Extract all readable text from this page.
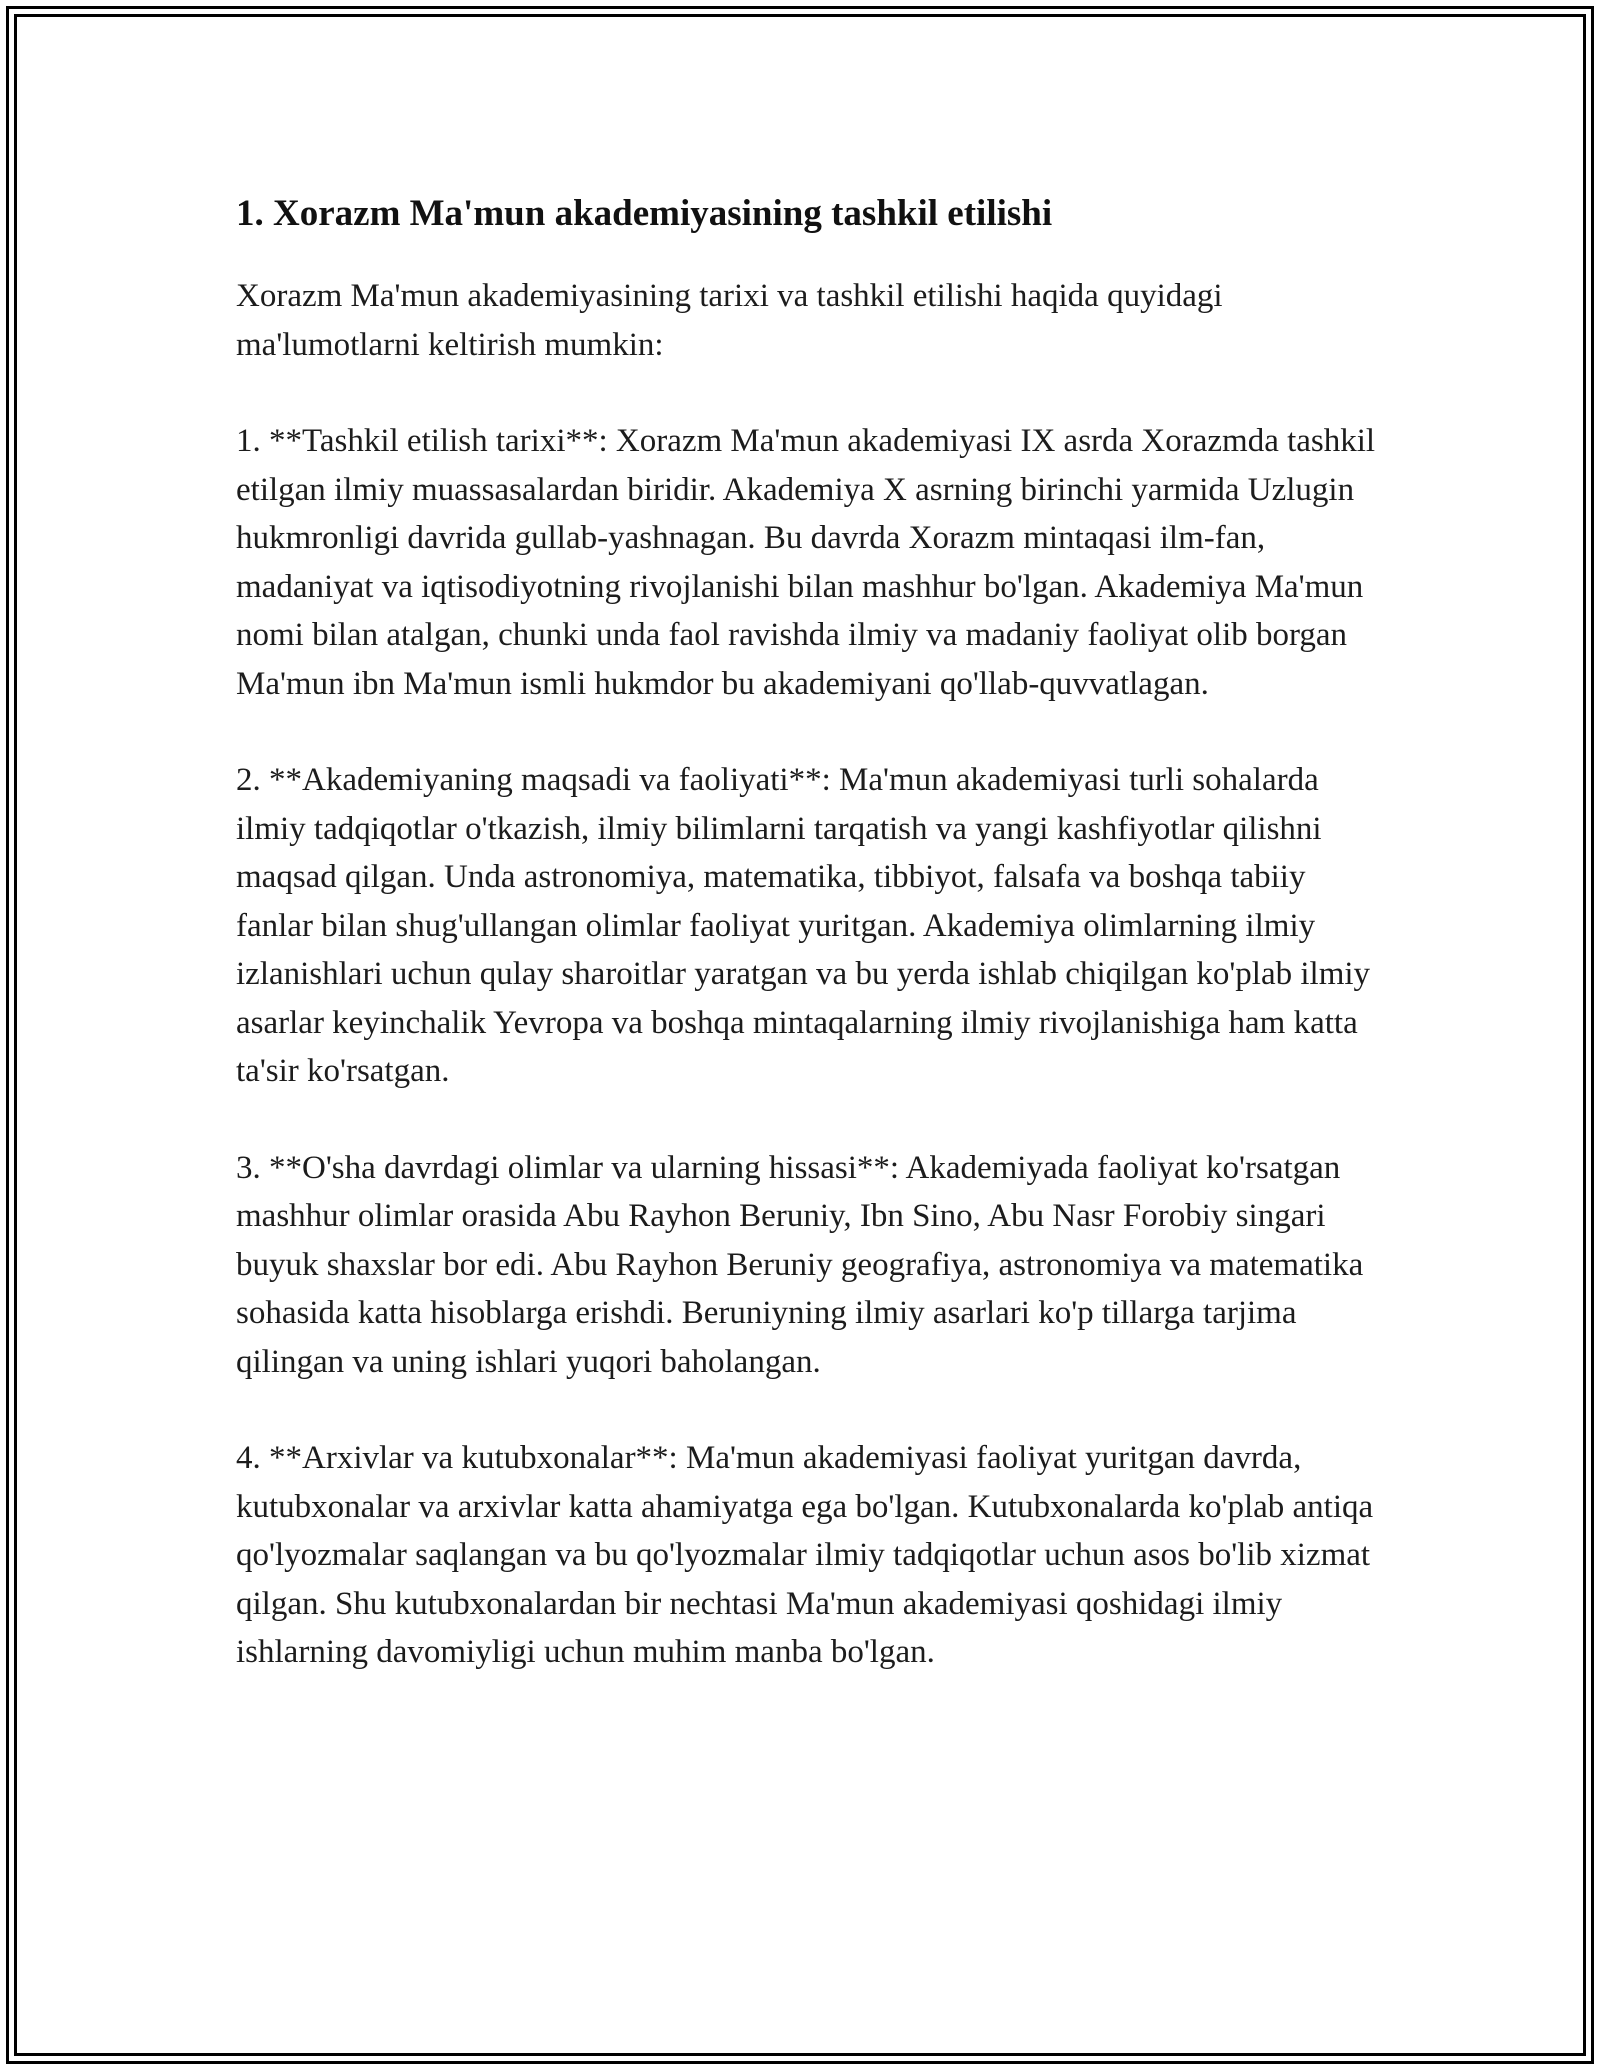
1. Xorazm Ma'mun akademiyasining tashkil etilishi

Xorazm Ma'mun akademiyasining tarixi va tashkil etilishi haqida quyidagi ma'lumotlarni keltirish mumkin:

1. **Tashkil etilish tarixi**: Xorazm Ma'mun akademiyasi IX asrda Xorazmda tashkil etilgan ilmiy muassasalardan biridir. Akademiya X asrning birinchi yarmida Uzlugin hukmronligi davrida gullab-yashnagan. Bu davrda Xorazm mintaqasi ilm-fan, madaniyat va iqtisodiyotning rivojlanishi bilan mashhur bo'lgan. Akademiya Ma'mun nomi bilan atalgan, chunki unda faol ravishda ilmiy va madaniy faoliyat olib borgan Ma'mun ibn Ma'mun ismli hukmdor bu akademiyani qo'llab-quvvatlagan.

2. **Akademiyaning maqsadi va faoliyati**: Ma'mun akademiyasi turli sohalarda ilmiy tadqiqotlar o'tkazish, ilmiy bilimlarni tarqatish va yangi kashfiyotlar qilishni maqsad qilgan. Unda astronomiya, matematika, tibbiyot, falsafa va boshqa tabiiy fanlar bilan shug'ullangan olimlar faoliyat yuritgan. Akademiya olimlarning ilmiy izlanishlari uchun qulay sharoitlar yaratgan va bu yerda ishlab chiqilgan ko'plab ilmiy asarlar keyinchalik Yevropa va boshqa mintaqalarning ilmiy rivojlanishiga ham katta ta'sir ko'rsatgan.

3. **O'sha davrdagi olimlar va ularning hissasi**: Akademiyada faoliyat ko'rsatgan mashhur olimlar orasida Abu Rayhon Beruniy, Ibn Sino, Abu Nasr Forobiy singari buyuk shaxslar bor edi. Abu Rayhon Beruniy geografiya, astronomiya va matematika sohasida katta hisoblarga erishdi. Beruniyning ilmiy asarlari ko'p tillarga tarjima qilingan va uning ishlari yuqori baholangan.

4. **Arxivlar va kutubxonalar**: Ma'mun akademiyasi faoliyat yuritgan davrda, kutubxonalar va arxivlar katta ahamiyatga ega bo'lgan. Kutubxonalarda ko'plab antiqa qo'lyozmalar saqlangan va bu qo'lyozmalar ilmiy tadqiqotlar uchun asos bo'lib xizmat qilgan. Shu kutubxonalardan bir nechtasi Ma'mun akademiyasi qoshidagi ilmiy ishlarning davomiyligi uchun muhim manba bo'lgan.
